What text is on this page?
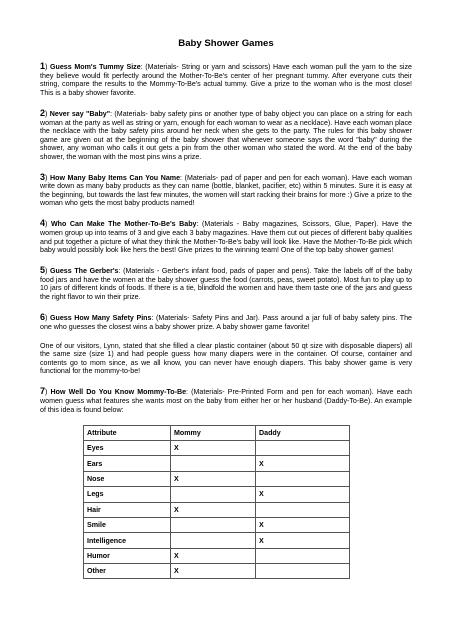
Baby Shower Games
1) Guess Mom's Tummy Size: (Materials- String or yarn and scissors) Have each woman pull the yarn to the size they believe would fit perfectly around the Mother-To-Be's center of her pregnant tummy. After everyone cuts their string, compare the results to the Mommy-To-Be's actual tummy. Give a prize to the woman who is the most close! This is a baby shower favorite.
2) Never say "Baby": (Materials- baby safety pins or another type of baby object you can place on a string for each woman at the party as well as string or yarn, enough for each woman to wear as a necklace). Have each woman place the necklace with the baby safety pins around her neck when she gets to the party. The rules for this baby shower game are given out at the beginning of the baby shower that whenever someone says the word "baby" during the shower, any woman who calls it out gets a pin from the other woman who stated the word. At the end of the baby shower, the woman with the most pins wins a prize.
3) How Many Baby Items Can You Name: (Materials- pad of paper and pen for each woman). Have each woman write down as many baby products as they can name (bottle, blanket, pacifier, etc) within 5 minutes. Sure it is easy at the beginning, but towards the last few minutes, the women will start racking their brains for more :) Give a prize to the woman who gets the most baby products named!
4) Who Can Make The Mother-To-Be's Baby: (Materials - Baby magazines, Scissors, Glue, Paper). Have the women group up into teams of 3 and give each 3 baby magazines. Have them cut out pieces of different baby qualities and put together a picture of what they think the Mother-To-Be's baby will look like. Have the Mother-To-Be pick which baby would possibly look like hers the best! Give prizes to the winning team! One of the top baby shower games!
5) Guess The Gerber's: (Materials - Gerber's infant food, pads of paper and pens). Take the labels off of the baby food jars and have the women at the baby shower guess the food (carrots, peas, sweet potato). Most fun to play up to 10 jars of different kinds of foods. If there is a tie, blindfold the women and have them taste one of the jars and guess the right flavor to win their prize.
6) Guess How Many Safety Pins: (Materials- Safety Pins and Jar). Pass around a jar full of baby safety pins. The one who guesses the closest wins a baby shower prize. A baby shower game favorite!
One of our visitors, Lynn, stated that she filled a clear plastic container (about 50 qt size with disposable diapers) all the same size (size 1) and had people guess how many diapers were in the container. Of course, container and contents go to mom since, as we all know, you can never have enough diapers. This baby shower game is very functional for the mommy-to-be!
7) How Well Do You Know Mommy-To-Be: (Materials- Pre-Printed Form and pen for each woman). Have each women guess what features she wants most on the baby from either her or her husband (Daddy-To-Be). An example of this idea is found below:
Attribute	Mommy	Daddy
Eyes	X	
Ears		X
Nose	X	
Legs		X
Hair	X	
Smile		X
Intelligence		X
Humor	X	
Other	X	
